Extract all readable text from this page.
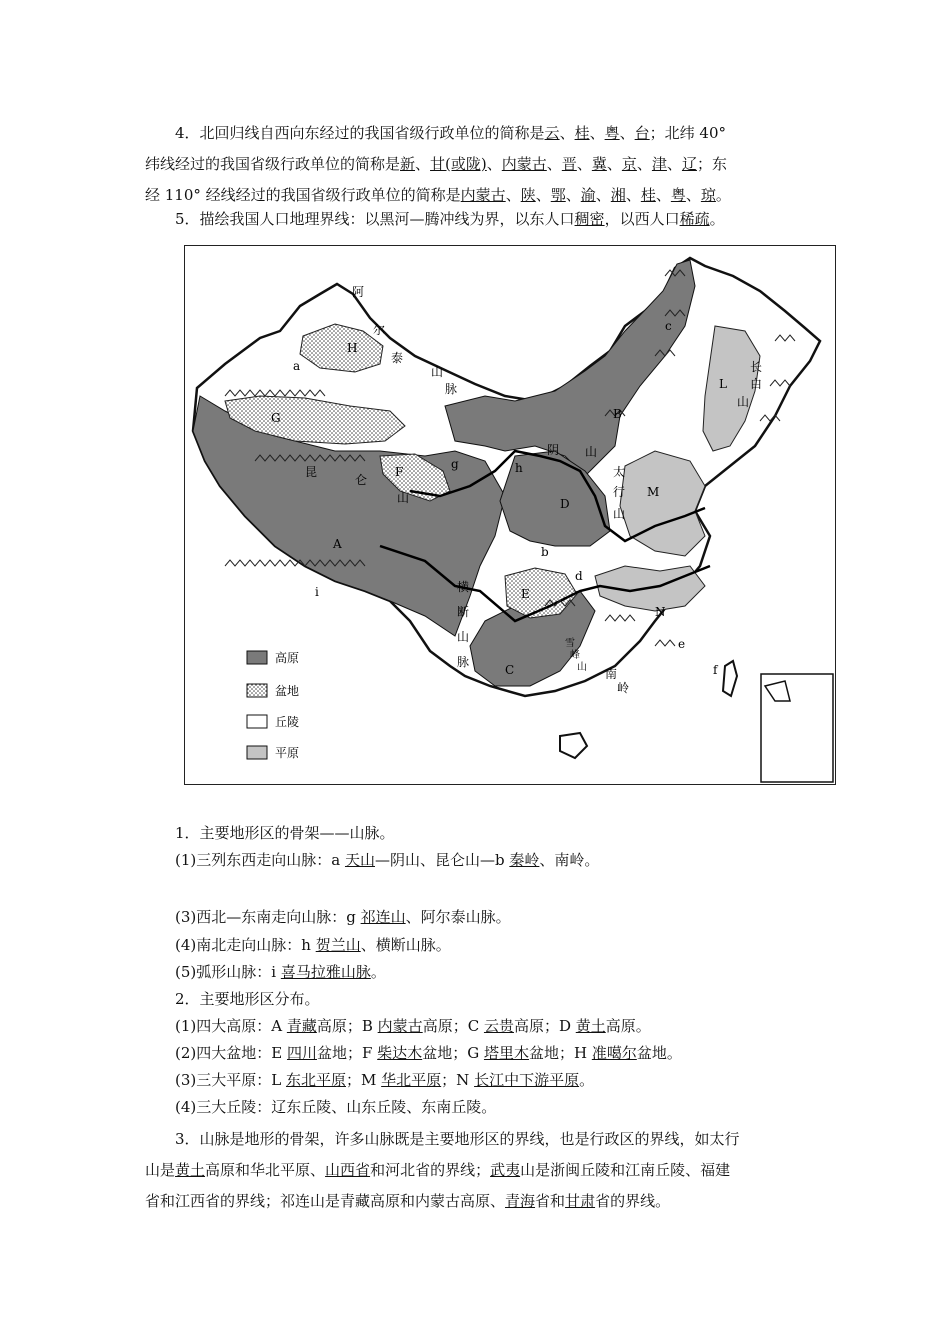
4．北回归线自西向东经过的我国省级行政单位的简称是云、桂、粤、台；北纬 40°
纬线经过的我国省级行政单位的简称是新、甘(或陇)、内蒙古、晋、冀、京、津、辽；东
经 110° 经线经过的我国省级行政单位的简称是内蒙古、陕、鄂、渝、湘、桂、粤、琼。
5．描绘我国人口地理界线：以黑河—腾冲线为界，以东人口稠密，以西人口稀疏。
高原
盆地
丘陵
平原
A
B
C
D
E
F
G
H
L
M
N
a
b
c
d
e
f
g	h
i
阿
尔
泰
山
脉
昆
仑
山
阴 山
太
行
山
长
白
山
横
断
山
脉
雪
峰
山 南
岭
1．主要地形区的骨架——山脉。
(1)三列东西走向山脉：a 天山—阴山、昆仑山—b 秦岭、南岭。
(3)西北—东南走向山脉：g 祁连山、阿尔泰山脉。
(4)南北走向山脉：h 贺兰山、横断山脉。
(5)弧形山脉：i 喜马拉雅山脉。
2．主要地形区分布。
(1)四大高原：A 青藏高原；B 内蒙古高原；C 云贵高原；D 黄土高原。
(2)四大盆地：E 四川盆地；F 柴达木盆地；G 塔里木盆地；H 准噶尔盆地。
(3)三大平原：L 东北平原；M 华北平原；N 长江中下游平原。
(4)三大丘陵：辽东丘陵、山东丘陵、东南丘陵。
3．山脉是地形的骨架，许多山脉既是主要地形区的界线，也是行政区的界线，如太行
山是黄土高原和华北平原、山西省和河北省的界线；武夷山是浙闽丘陵和江南丘陵、福建
省和江西省的界线；祁连山是青藏高原和内蒙古高原、青海省和甘肃省的界线。
